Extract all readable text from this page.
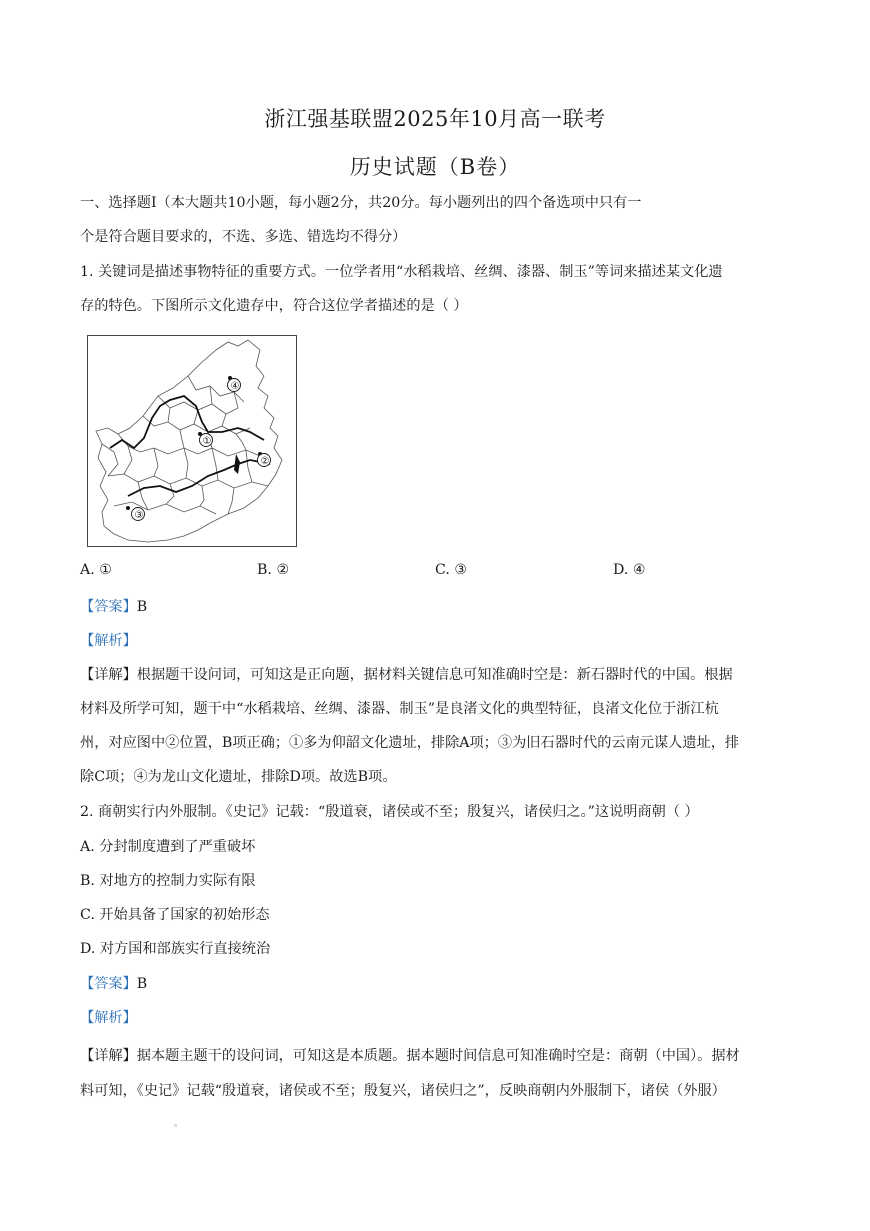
浙江强基联盟2025年10月高一联考
历史试题（B卷）
一、选择题Ⅰ（本大题共10小题，每小题2分，共20分。每小题列出的四个备选项中只有一
个是符合题目要求的，不选、多选、错选均不得分）
1. 关键词是描述事物特征的重要方式。一位学者用“水稻栽培、丝绸、漆器、制玉”等词来描述某文化遗
存的特色。下图所示文化遗存中，符合这位学者描述的是（ ）
④
①
②
③
A. ①	B. ②	C. ③	D. ④
【答案】B
【解析】
【详解】根据题干设问词，可知这是正向题，据材料关键信息可知准确时空是：新石器时代的中国。根据
材料及所学可知，题干中“水稻栽培、丝绸、漆器、制玉”是良渚文化的典型特征，良渚文化位于浙江杭
州，对应图中②位置，B项正确；①多为仰韶文化遗址，排除A项；③为旧石器时代的云南元谋人遗址，排
除C项；④为龙山文化遗址，排除D项。故选B项。
2. 商朝实行内外服制。《史记》记载：“殷道衰，诸侯或不至；殷复兴，诸侯归之。”这说明商朝（ ）
A. 分封制度遭到了严重破坏
B. 对地方的控制力实际有限
C. 开始具备了国家的初始形态
D. 对方国和部族实行直接统治
【答案】B
【解析】
【详解】据本题主题干的设问词，可知这是本质题。据本题时间信息可知准确时空是：商朝（中国）。据材
料可知，《史记》记载“殷道衰，诸侯或不至；殷复兴，诸侯归之”，反映商朝内外服制下，诸侯（外服）
